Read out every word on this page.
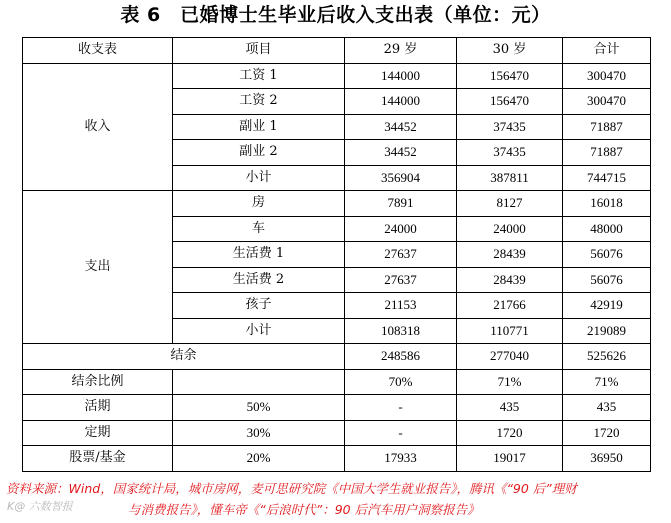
表 6　已婚博士生毕业后收入支出表（单位：元）
收支表	项目	29 岁	30 岁	合计
收入	工资 1	144000	156470	300470
	工资 2	144000	156470	300470
	副业 1	34452	37435	71887
	副业 2	34452	37435	71887
	小计	356904	387811	744715
支出	房	7891	8127	16018
	车	24000	24000	48000
	生活费 1	27637	28439	56076
	生活费 2	27637	28439	56076
	孩子	21153	21766	42919
	小计	108318	110771	219089
结余		248586	277040	525626
结余比例		70%	71%	71%
活期	50%	-	435	435
定期	30%	-	1720	1720
股票/基金	20%	17933	19017	36950
资料来源：Wind，国家统计局，城市房网，麦可思研究院《中国大学生就业报告》，腾讯《“90 后”理财
与消费报告》，懂车帝《“后浪时代”：90 后汽车用户洞察报告》
K@ 六数智报
